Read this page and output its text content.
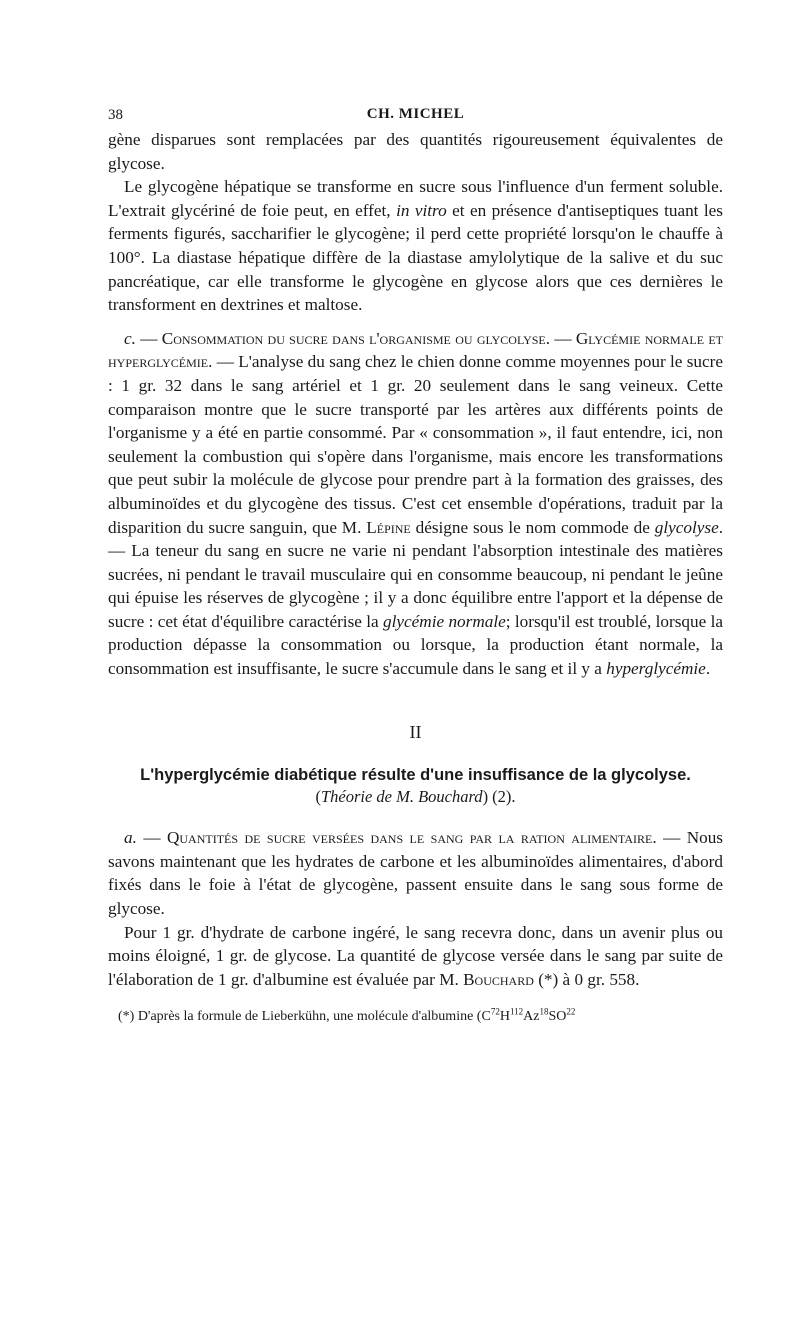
38	CH. MICHEL

gène disparues sont remplacées par des quantités rigoureusement équivalentes de glycose.

Le glycogène hépatique se transforme en sucre sous l'influence d'un ferment soluble. L'extrait glycériné de foie peut, en effet, in vitro et en présence d'antiseptiques tuant les ferments figurés, saccharifier le glycogène; il perd cette propriété lorsqu'on le chauffe à 100°. La diastase hépatique diffère de la diastase amylolytique de la salive et du suc pancréatique, car elle transforme le glycogène en glycose alors que ces dernières le transforment en dextrines et maltose.

c. — Consommation du sucre dans l'organisme ou glycolyse. — Glycémie normale et hyperglycémie. — L'analyse du sang chez le chien donne comme moyennes pour le sucre : 1 gr. 32 dans le sang artériel et 1 gr. 20 seulement dans le sang veineux. Cette comparaison montre que le sucre transporté par les artères aux différents points de l'organisme y a été en partie consommé. Par « consommation », il faut entendre, ici, non seulement la combustion qui s'opère dans l'organisme, mais encore les transformations que peut subir la molécule de glycose pour prendre part à la formation des graisses, des albuminoïdes et du glycogène des tissus. C'est cet ensemble d'opérations, traduit par la disparition du sucre sanguin, que M. Lépine désigne sous le nom commode de glycolyse. — La teneur du sang en sucre ne varie ni pendant l'absorption intestinale des matières sucrées, ni pendant le travail musculaire qui en consomme beaucoup, ni pendant le jeûne qui épuise les réserves de glycogène ; il y a donc équilibre entre l'apport et la dépense de sucre : cet état d'équilibre caractérise la glycémie normale; lorsqu'il est troublé, lorsque la production dépasse la consommation ou lorsque, la production étant normale, la consommation est insuffisante, le sucre s'accumule dans le sang et il y a hyperglycémie.

II
L'hyperglycémie diabétique résulte d'une insuffisance de la glycolyse.
(Théorie de M. Bouchard) (2).

a. — Quantités de sucre versées dans le sang par la ration alimentaire. — Nous savons maintenant que les hydrates de carbone et les albuminoïdes alimentaires, d'abord fixés dans le foie à l'état de glycogène, passent ensuite dans le sang sous forme de glycose.

Pour 1 gr. d'hydrate de carbone ingéré, le sang recevra donc, dans un avenir plus ou moins éloigné, 1 gr. de glycose. La quantité de glycose versée dans le sang par suite de l'élaboration de 1 gr. d'albumine est évaluée par M. Bouchard (*) à 0 gr. 558.

(*) D'après la formule de Lieberkühn, une molécule d'albumine ($C^{72}H^{112}Az^{18}SO^{22}$
